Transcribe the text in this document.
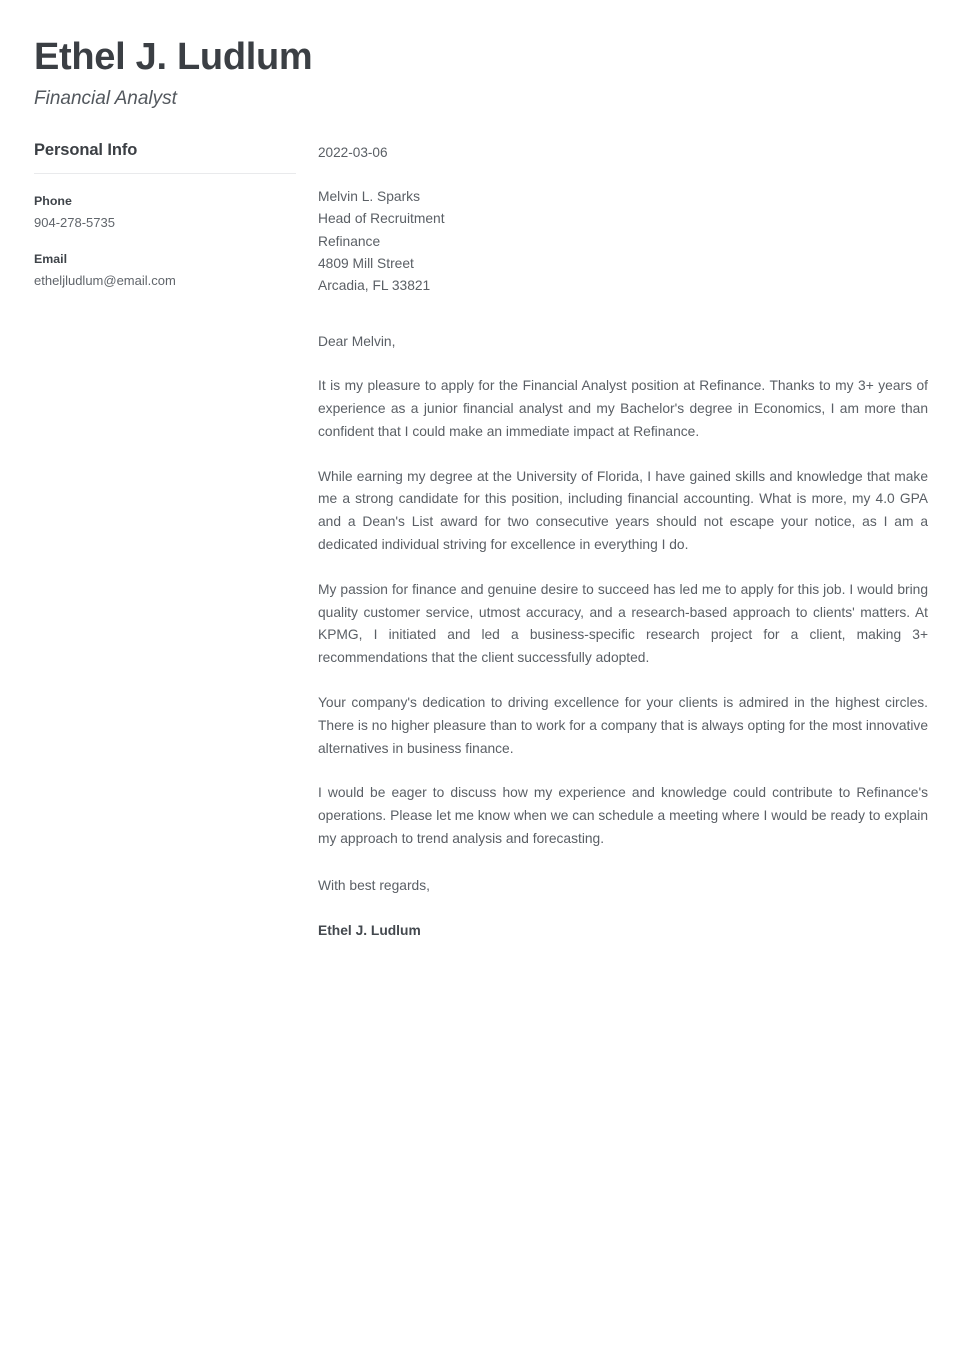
Ethel J. Ludlum
Financial Analyst
Personal Info
Phone
904-278-5735
Email
etheljludlum@email.com
2022-03-06
Melvin L. Sparks
Head of Recruitment
Refinance
4809 Mill Street
Arcadia, FL 33821
Dear Melvin,

It is my pleasure to apply for the Financial Analyst position at Refinance. Thanks to my 3+ years of experience as a junior financial analyst and my Bachelor's degree in Economics, I am more than confident that I could make an immediate impact at Refinance.

While earning my degree at the University of Florida, I have gained skills and knowledge that make me a strong candidate for this position, including financial accounting. What is more, my 4.0 GPA and a Dean's List award for two consecutive years should not escape your notice, as I am a dedicated individual striving for excellence in everything I do.

My passion for finance and genuine desire to succeed has led me to apply for this job. I would bring quality customer service, utmost accuracy, and a research-based approach to clients' matters. At KPMG, I initiated and led a business-specific research project for a client, making 3+ recommendations that the client successfully adopted.

Your company's dedication to driving excellence for your clients is admired in the highest circles. There is no higher pleasure than to work for a company that is always opting for the most innovative alternatives in business finance.

I would be eager to discuss how my experience and knowledge could contribute to Refinance's operations. Please let me know when we can schedule a meeting where I would be ready to explain my approach to trend analysis and forecasting.

With best regards,
Ethel J. Ludlum
